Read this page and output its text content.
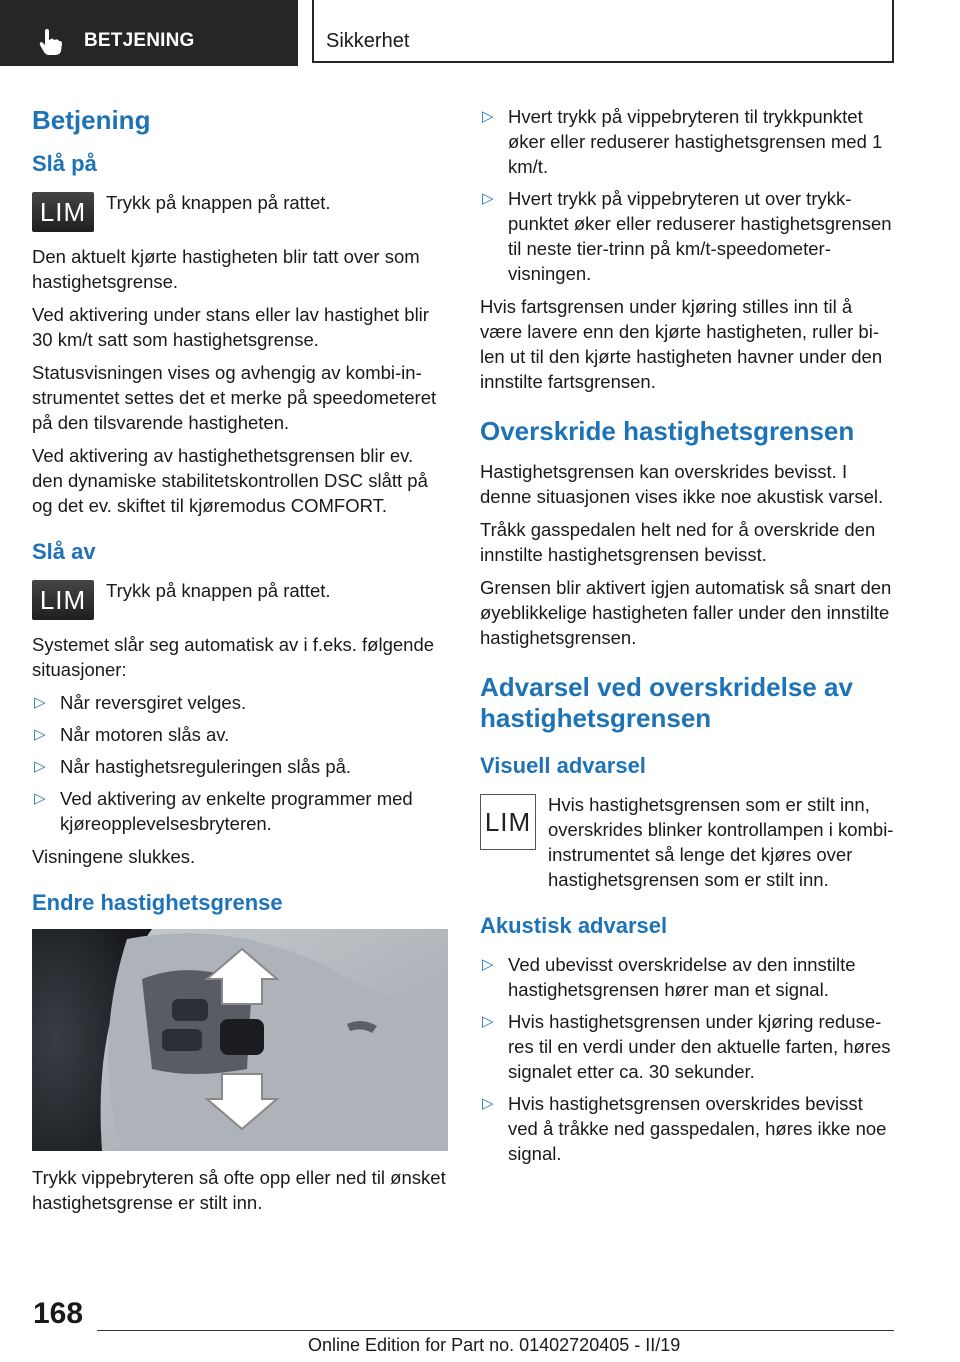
BETJENING	Sikkerhet
Betjening
Slå på
LIM	Trykk på knappen på rattet.

Den aktuelt kjørte hastigheten blir tatt over som hastighetsgrense.

Ved aktivering under stans eller lav hastighet blir 30 km/t satt som hastighetsgrense.

Statusvisningen vises og avhengig av kombi-instrumentet settes det et merke på speedometeret på den tilsvarende hastigheten.

Ved aktivering av hastighethetsgrensen blir ev. den dynamiske stabilitetskontrollen DSC slått på og det ev. skiftet til kjøremodus COMFORT.

Slå av
LIM	Trykk på knappen på rattet.

Systemet slår seg automatisk av i f.eks. følgende situasjoner:

▷ Når reversgiret velges.
▷ Når motoren slås av.
▷ Når hastighetsreguleringen slås på.
▷ Ved aktivering av enkelte programmer med kjøreopplevelsesbryteren.

Visningene slukkes.

Endre hastighetsgrense

Trykk vippebryteren så ofte opp eller ned til ønsket hastighetsgrense er stilt inn.

▷ Hvert trykk på vippebryteren til trykkpunktet øker eller reduserer hastighetsgrensen med 1 km/t.
▷ Hvert trykk på vippebryteren ut over trykkpunktet øker eller reduserer hastighetsgrensen til neste tier-trinn på km/t-speedometervisningen.

Hvis fartsgrensen under kjøring stilles inn til å være lavere enn den kjørte hastigheten, ruller bilen ut til den kjørte hastigheten havner under den innstilte fartsgrensen.

Overskride hastighetsgrensen

Hastighetsgrensen kan overskrides bevisst. I denne situasjonen vises ikke noe akustisk varsel.

Tråkk gasspedalen helt ned for å overskride den innstilte hastighetsgrensen bevisst.

Grensen blir aktivert igjen automatisk så snart den øyeblikkelige hastigheten faller under den innstilte hastighetsgrensen.

Advarsel ved overskridelse av hastighetsgrensen
Visuell advarsel
LIM
Hvis hastighetsgrensen som er stilt inn, overskrides blinker kontrollampen i kombi-instrumentet så lenge det kjøres over hastighetsgrensen som er stilt inn.
Akustisk advarsel
▷ Ved ubevisst overskridelse av den innstilte hastighetsgrensen hører man et signal.
▷ Hvis hastighetsgrensen under kjøring reduseres til en verdi under den aktuelle farten, høres signalet etter ca. 30 sekunder.
▷ Hvis hastighetsgrensen overskrides bevisst ved å tråkke ned gasspedalen, høres ikke noe signal.
168
Online Edition for Part no. 01402720405 - II/19
